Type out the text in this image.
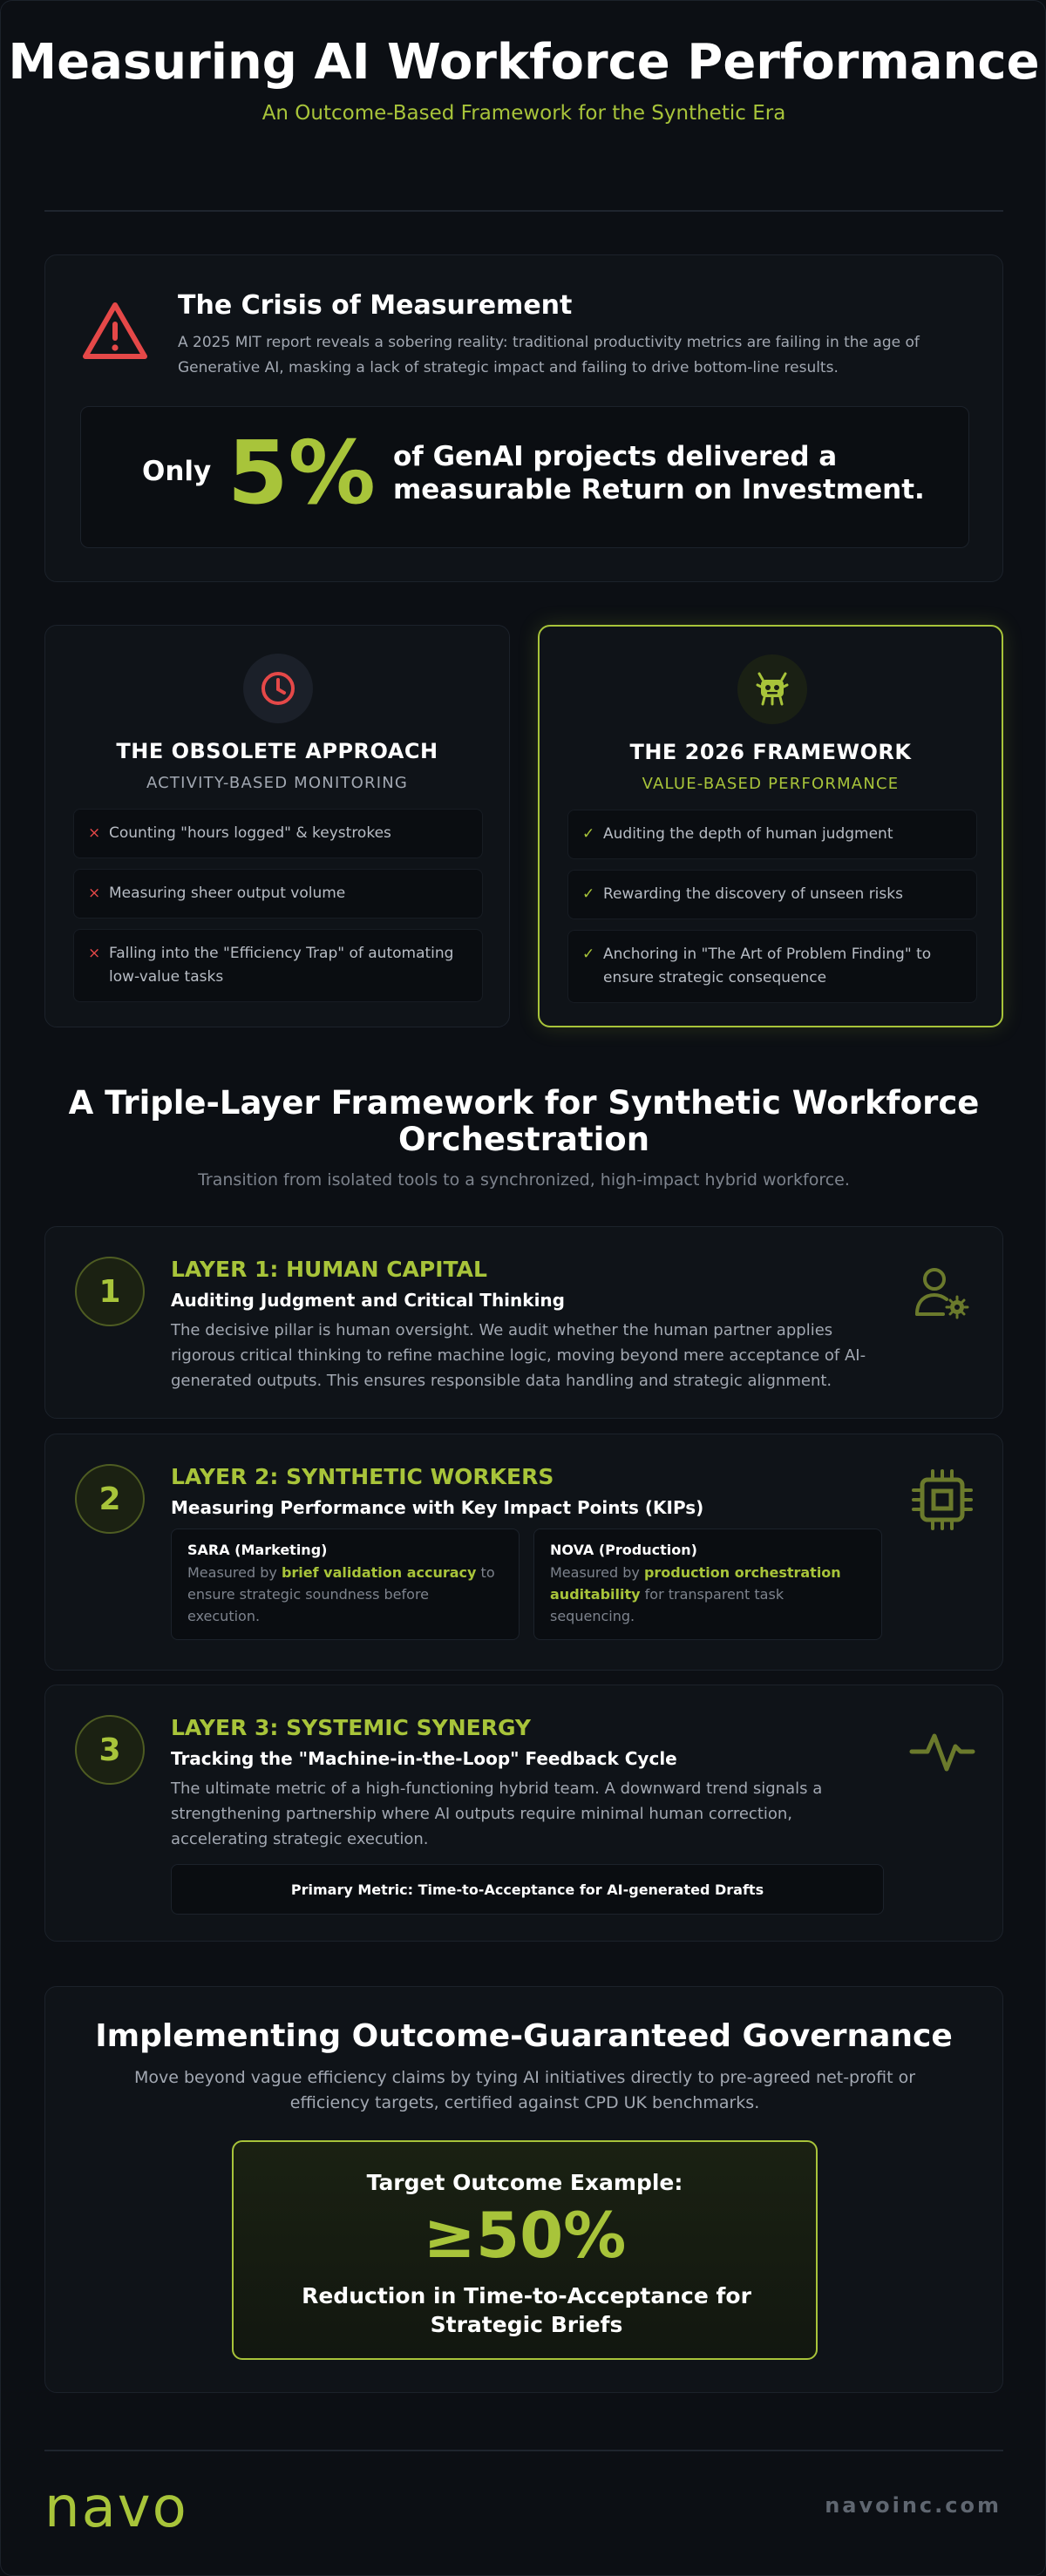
Measuring AI Workforce Performance
An Outcome-Based Framework for the Synthetic Era
The Crisis of Measurement
A 2025 MIT report reveals a sobering reality: traditional productivity metrics are failing in the age of Generative AI, masking a lack of strategic impact and failing to drive bottom-line results.
Only 5% of GenAI projects delivered a measurable Return on Investment.
THE OBSOLETE APPROACH
ACTIVITY-BASED MONITORING
× Counting "hours logged" & keystrokes
× Measuring sheer output volume
× Falling into the "Efficiency Trap" of automating low-value tasks
THE 2026 FRAMEWORK
VALUE-BASED PERFORMANCE
✓ Auditing the depth of human judgment
✓ Rewarding the discovery of unseen risks
✓ Anchoring in "The Art of Problem Finding" to ensure strategic consequence
A Triple-Layer Framework for Synthetic Workforce Orchestration
Transition from isolated tools to a synchronized, high-impact hybrid workforce.
1
LAYER 1: HUMAN CAPITAL
Auditing Judgment and Critical Thinking
The decisive pillar is human oversight. We audit whether the human partner applies rigorous critical thinking to refine machine logic, moving beyond mere acceptance of AI-generated outputs. This ensures responsible data handling and strategic alignment.
2
LAYER 2: SYNTHETIC WORKERS
Measuring Performance with Key Impact Points (KIPs)
SARA (Marketing)
Measured by brief validation accuracy to ensure strategic soundness before execution.
NOVA (Production)
Measured by production orchestration auditability for transparent task sequencing.
3
LAYER 3: SYSTEMIC SYNERGY
Tracking the "Machine-in-the-Loop" Feedback Cycle
The ultimate metric of a high-functioning hybrid team. A downward trend signals a strengthening partnership where AI outputs require minimal human correction, accelerating strategic execution.
Primary Metric: Time-to-Acceptance for AI-generated Drafts
Implementing Outcome-Guaranteed Governance
Move beyond vague efficiency claims by tying AI initiatives directly to pre-agreed net-profit or efficiency targets, certified against CPD UK benchmarks.
Target Outcome Example:
≥50%
Reduction in Time-to-Acceptance for Strategic Briefs
navo	navoinc.com
